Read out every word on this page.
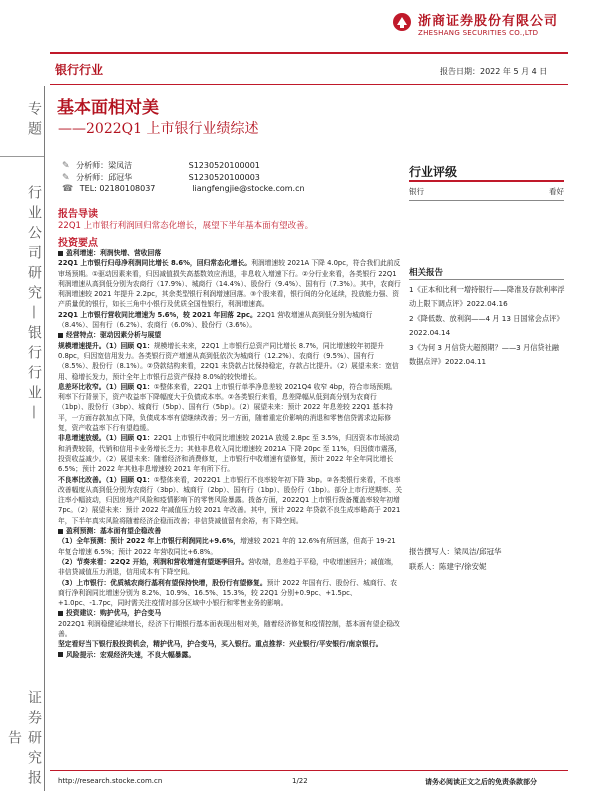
浙商证券股份有限公司
ZHESHANG SECURITIES CO.,LTD
银行行业	报告日期：2022 年 5 月 4 日
专题
行业公司研究—银行行业—
证券研究报告
基本面相对美
——2022Q1 上市银行业绩综述
✎ 分析师：梁凤洁	S1230520100001
✎ 分析师：邱冠华	S1230520100003
☎ TEL: 02180108037	liangfengjie@stocke.com.cn
报告导读
22Q1 上市银行利润回归常态化增长，展望下半年基本面有望改善。
投资要点

盈利增速：利润快增、营收回落

22Q1 上市银行归母净利润同比增长 8.6%，回归常态化增长。利润增速较 2021A 下降 4.0pc，符合我们此前反审场预期。①驱动因素来看，归因减值损失高基数效应消退，非息收入增速下行。②分行业来看，各类银行 22Q1 利润增速从高到低分别为农商行（17.9%）、城商行（14.4%）、股份行（9.4%）、国有行（7.3%）。其中，农商行利润增速较 2021 年提升 2.2pc，其余类型银行利润增速回落。③个股来看，银行间的分化延续，投放能力强、资产质量优的银行，如长三角中小银行及优质全国性银行，利润增速高。

22Q1 上市银行营收同比增速为 5.6%，较 2021 年回落 2pc。22Q1 营收增速从高到低分别为城商行（8.4%）、国有行（6.2%）、农商行（6.0%）、股份行（3.6%）。

经营特点：驱动因素分析与展望

规模增速提升。（1）回顾 Q1：规模增长未来，22Q1 上市银行总资产同比增长 8.7%，同比增速较年初提升 0.8pc，归因宽信用发力。各类银行资产增速从高到低依次为城商行（12.2%）、农商行（9.5%）、国有行（8.5%）、股份行（8.1%）。②贷款结构来看，22Q1 未贷款占比保持稳定，存款占比提升。（2）展望未来：宽信用、稳增长发力，预计全年上市银行总资产保持 8.0%的较快增长。

息差环比收窄。（1）回顾 Q1：①整体来看，22Q1 上市银行单季净息差较 2021Q4 收窄 4bp，符合市场预期。利率下行背景下，资产收益率下降幅度大于负债成本率。②各类银行来看，息差降幅从低到高分别为农商行（1bp）、股份行（3bp）、城商行（5bp）、国有行（5bp）。（2）展望未来：预计 2022 年息差较 22Q1 基本持平，一方面存款加点下降，负债成本率有望继续改善；另一方面，随着重定价影响的消退和零售信贷需求边际修复，资产收益率下行有望趋缓。

非息增速放缓。（1）回顾 Q1：22Q1 上市银行中收同比增速较 2021A 放缓 2.8pc 至 3.5%，归因资本市场波动和消费较弱，代销和信用卡业务增长乏力；其他非息收入同比增速较 2021A 下降 20pc 至 11%，归因债市震荡，投资收益减少。（2）展望未来：随着经济和消费修复，上市银行中收增速有望修复，预计 2022 年全年同比增长 6.5%；预计 2022 年其他非息增速较 2021 年有所下行。

不良率比改善。（1）回顾 Q1：①整体来看，2022Q1 上市银行不良率较年初下降 3bp。②各类银行来看，不良率改善幅度从高到低分别为农商行（3bp）、城商行（2bp）、国有行（1bp）、股份行（1bp）。部分上市行逆期率、关注率小幅波动，归因房地产风险和疫情影响下的零售风险暴露。拨备方面，2022Q1 上市银行拨备覆盖率较年初增 7pc。（2）展望未来：预计 2022 年减值压力较 2021 年改善。其中，预计 2022 年贷款不良生成率略高于 2021 年，下半年真实风险将随着经济企稳而改善；非信贷减值留有余裕，有下降空间。

盈利预测：基本面有望企稳改善

（1）全年预测：预计 2022 年上市银行利润同比+9.6%，增速较 2021 年的 12.6%有所回落，但高于 19-21 年复合增速 6.5%；预计 2022 年营收同比+6.8%。

（2）节奏来看：22Q2 开始，利润和营收增速有望逐季回升。营收端，息差趋于平稳，中收增速回升；减值端，非信贷减值压力消退，信用成本有下降空间。

（3）上市银行：优质城农商行基利有望保持快增，股份行有望修复。预计 2022 年国有行、股份行、城商行、农商行净利润同比增速分别为 8.2%、10.9%、16.5%、15.3%，较 22Q1 分别+0.9pc、+1.5pc、+1.0pc、-1.7pc，同时需关注疫情对部分区域中小银行和零售业务的影响。

投资建议：购护优马，护合变马

2022Q1 利润稳健延续增长，经济下行期银行基本面表现出相对美，随着经济修复和疫情控制，基本面有望企稳改善。

坚定看好当下银行股投资机会，精护优马，护合变马，买入银行。重点推荐：兴业银行/平安银行/南京银行。

风险提示：宏观经济失速，不良大幅暴露。

行业评级
银行	看好
相关报告
1《正本和比利一增持银行——降准及存款利率浮动上限下调点评》2022.04.16
2《降低数、放利润——4 月 13 日国常会点评》2022.04.14
3《为何 3 月信贷大超预期？——3 月信贷社融数据点评》2022.04.11
报告撰写人：梁凤洁/邱冠华
联系人：陈建宇/徐安妮
http://research.stocke.com.cn	1/22	请务必阅读正文之后的免责条款部分
